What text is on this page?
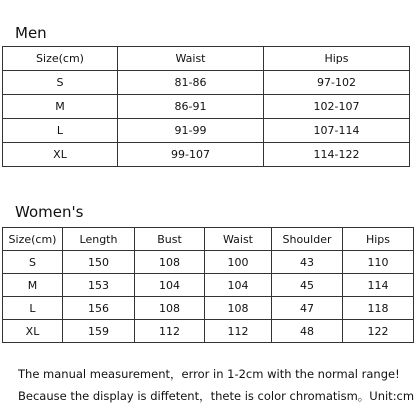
Men
Size(cm)	Waist	Hips
S	81-86	97-102
M	86-91	102-107
L	91-99	107-114
XL	99-107	114-122
Women's
Size(cm)	Length	Bust	Waist	Shoulder	Hips
S	150	108	100	43	110
M	153	104	104	45	114
L	156	108	108	47	118
XL	159	112	112	48	122

The manual measurement，error in 1-2cm with the normal range!

Because the display is diffetent，thete is color chromatism。Unit:cm
